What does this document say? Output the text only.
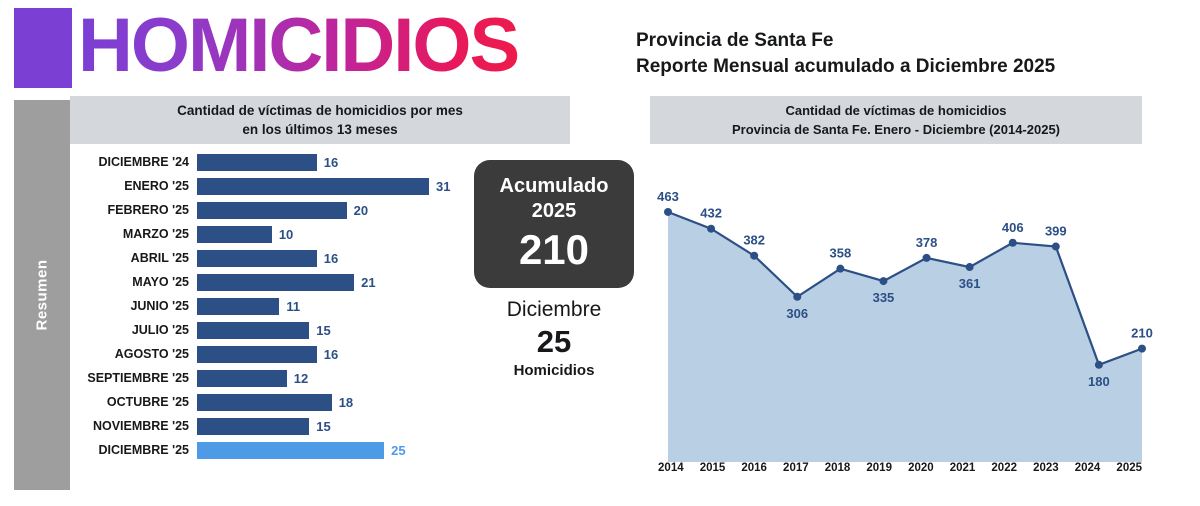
HOMICIDIOS	Provincia de Santa Fe
Reporte Mensual acumulado a Diciembre 2025
Resumen
Cantidad de víctimas de homicidios por mes
en los últimos 13 meses
DICIEMBRE '24	16
ENERO '25	31
FEBRERO '25	20
MARZO '25	10
ABRIL '25	16
MAYO '25	21
JUNIO '25	11
JULIO '25	15
AGOSTO '25	16
SEPTIEMBRE '25	12
OCTUBRE '25	18
NOVIEMBRE '25	15
DICIEMBRE '25	25
Acumulado
2025
210
Diciembre
25
Homicidios
Cantidad de víctimas de homicidios
Provincia de Santa Fe. Enero - Diciembre (2014-2025)
463
432
382
306
358
335
378
361
406 399
180
210
2014	2015	2016	2017	2018	2019	2020	2021	2022	2023	2024	2025
